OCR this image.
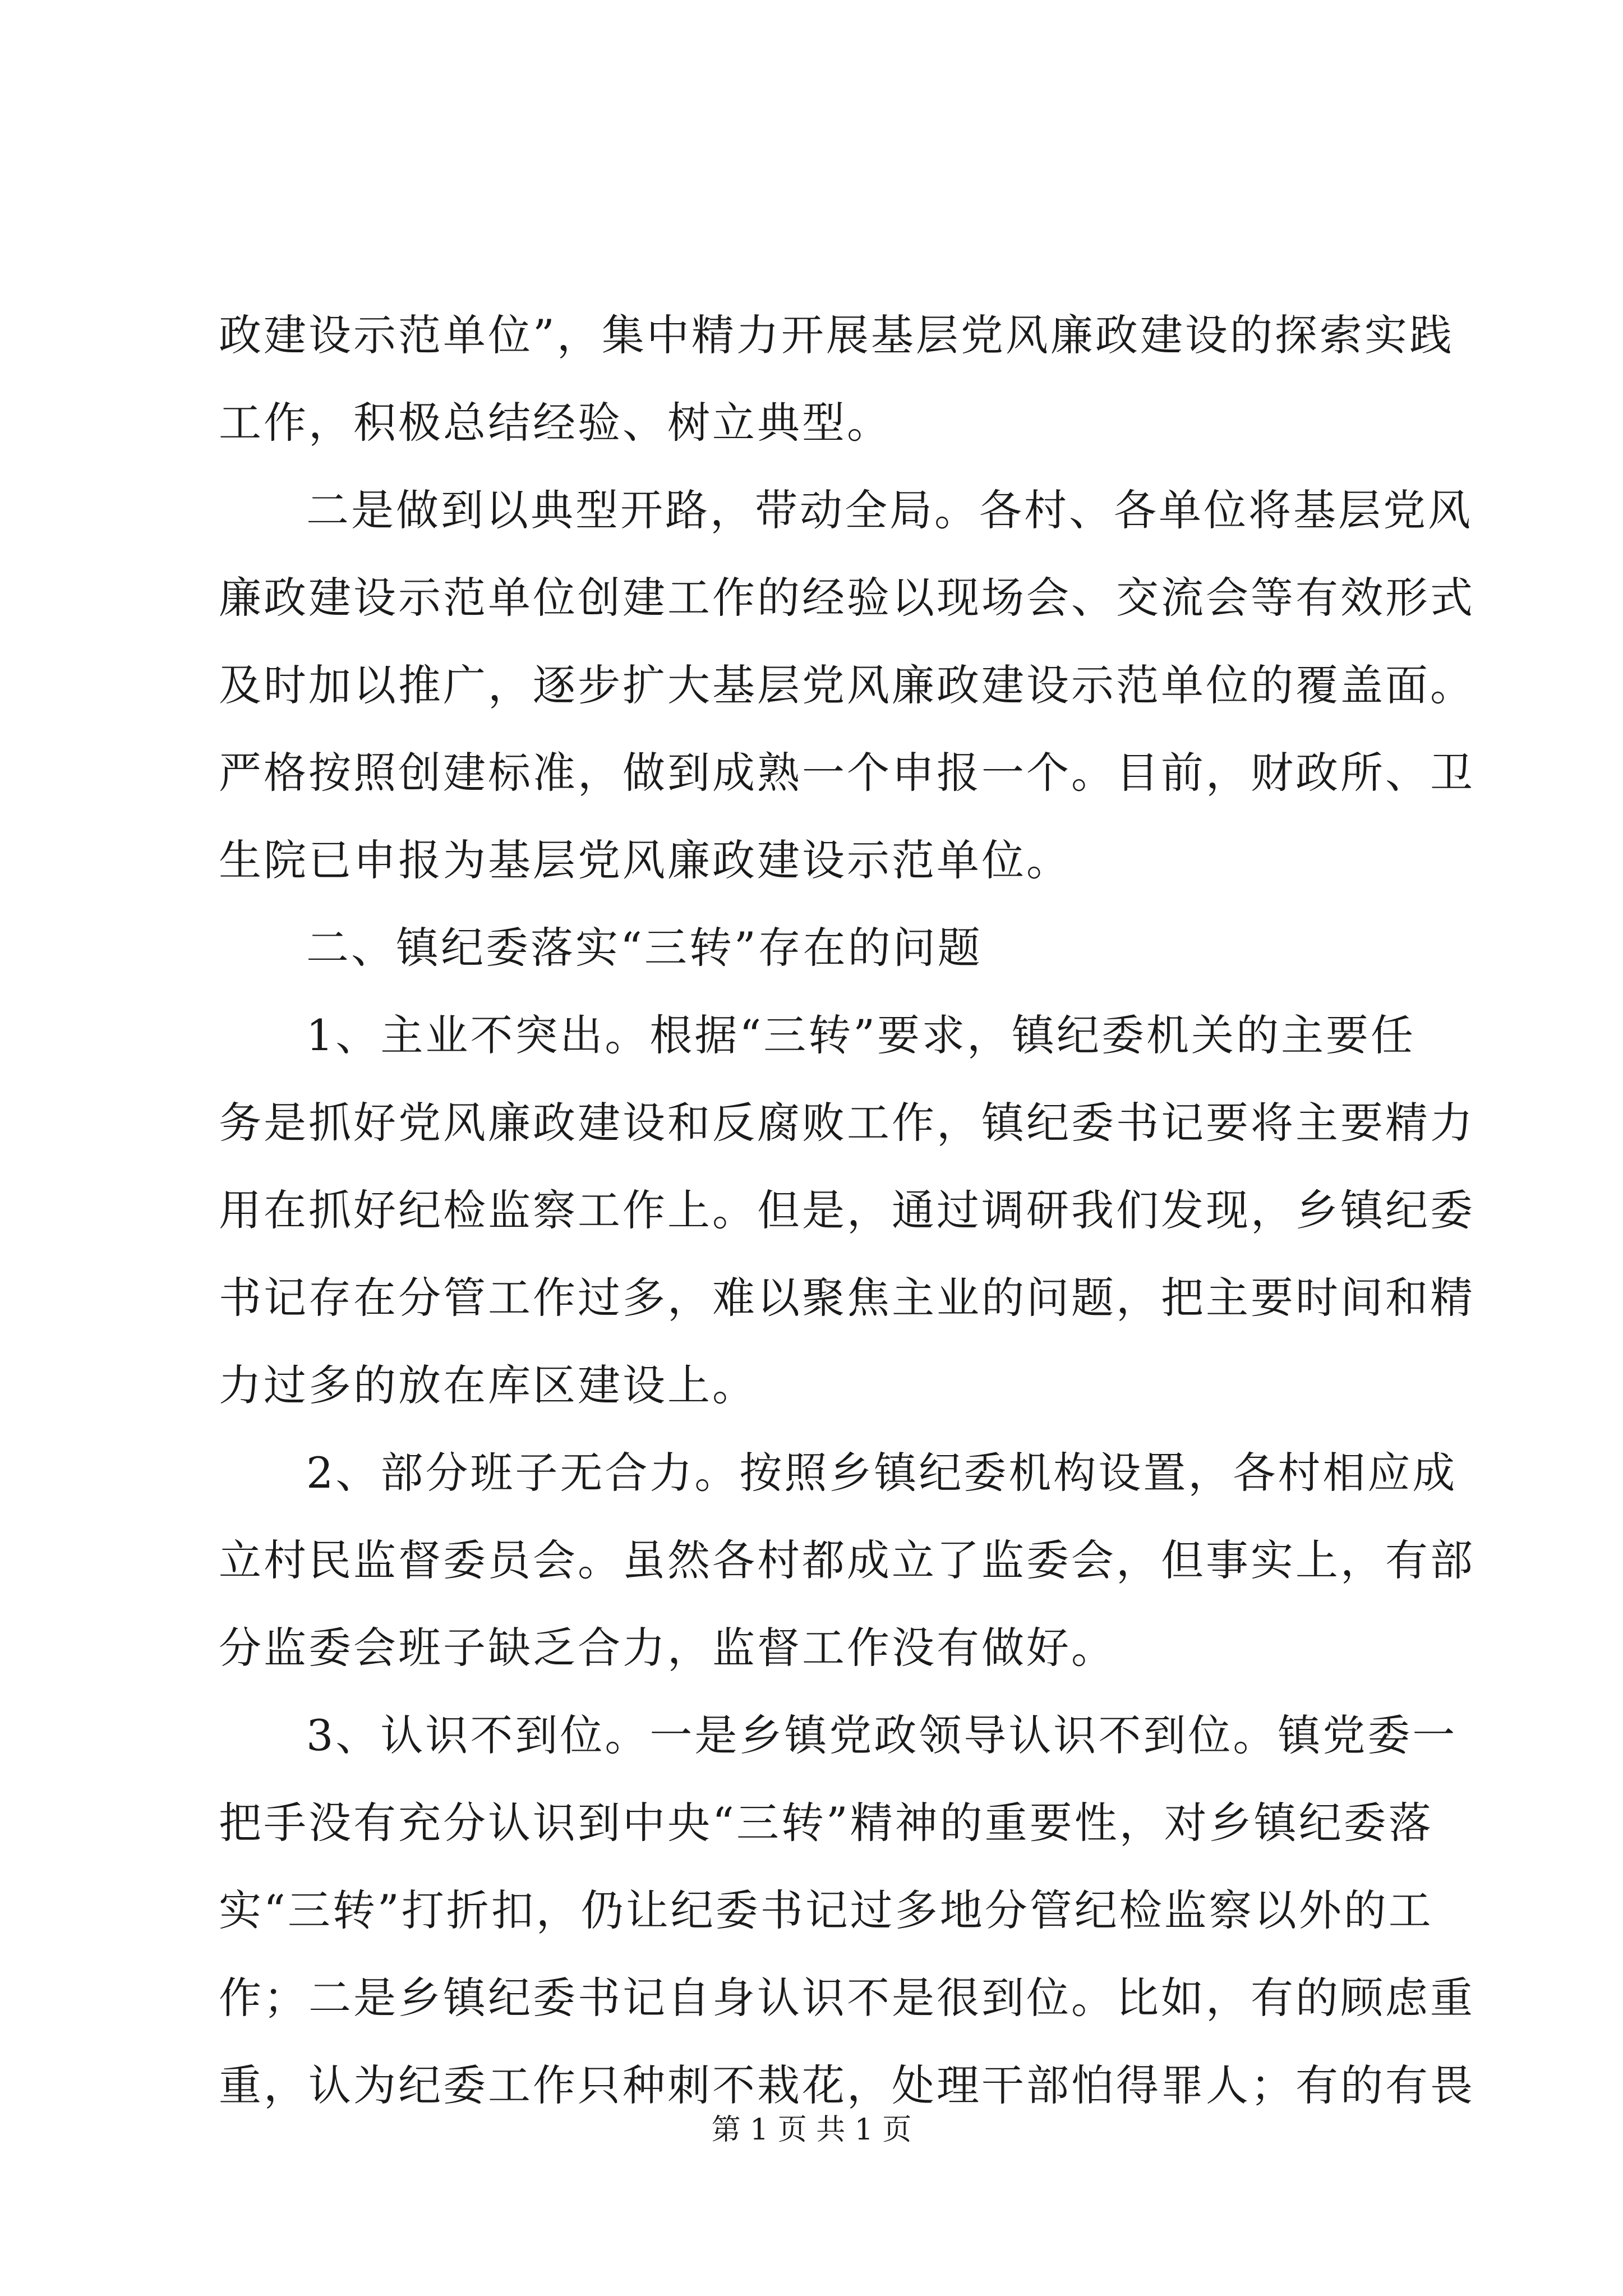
政建设示范单位”，集中精力开展基层党风廉政建设的探索实践
工作，积极总结经验、树立典型。
二是做到以典型开路，带动全局。各村、各单位将基层党风
廉政建设示范单位创建工作的经验以现场会、交流会等有效形式
及时加以推广，逐步扩大基层党风廉政建设示范单位的覆盖面。
严格按照创建标准，做到成熟一个申报一个。目前，财政所、卫
生院已申报为基层党风廉政建设示范单位。
二、镇纪委落实“三转”存在的问题
1、主业不突出。根据“三转”要求，镇纪委机关的主要任
务是抓好党风廉政建设和反腐败工作，镇纪委书记要将主要精力
用在抓好纪检监察工作上。但是，通过调研我们发现，乡镇纪委
书记存在分管工作过多，难以聚焦主业的问题，把主要时间和精
力过多的放在库区建设上。
2、部分班子无合力。按照乡镇纪委机构设置，各村相应成
立村民监督委员会。虽然各村都成立了监委会，但事实上，有部
分监委会班子缺乏合力，监督工作没有做好。
3、认识不到位。一是乡镇党政领导认识不到位。镇党委一
把手没有充分认识到中央“三转”精神的重要性，对乡镇纪委落
实“三转”打折扣，仍让纪委书记过多地分管纪检监察以外的工
作；二是乡镇纪委书记自身认识不是很到位。比如，有的顾虑重
重，认为纪委工作只种刺不栽花，处理干部怕得罪人；有的有畏
第 1 页 共 1 页
